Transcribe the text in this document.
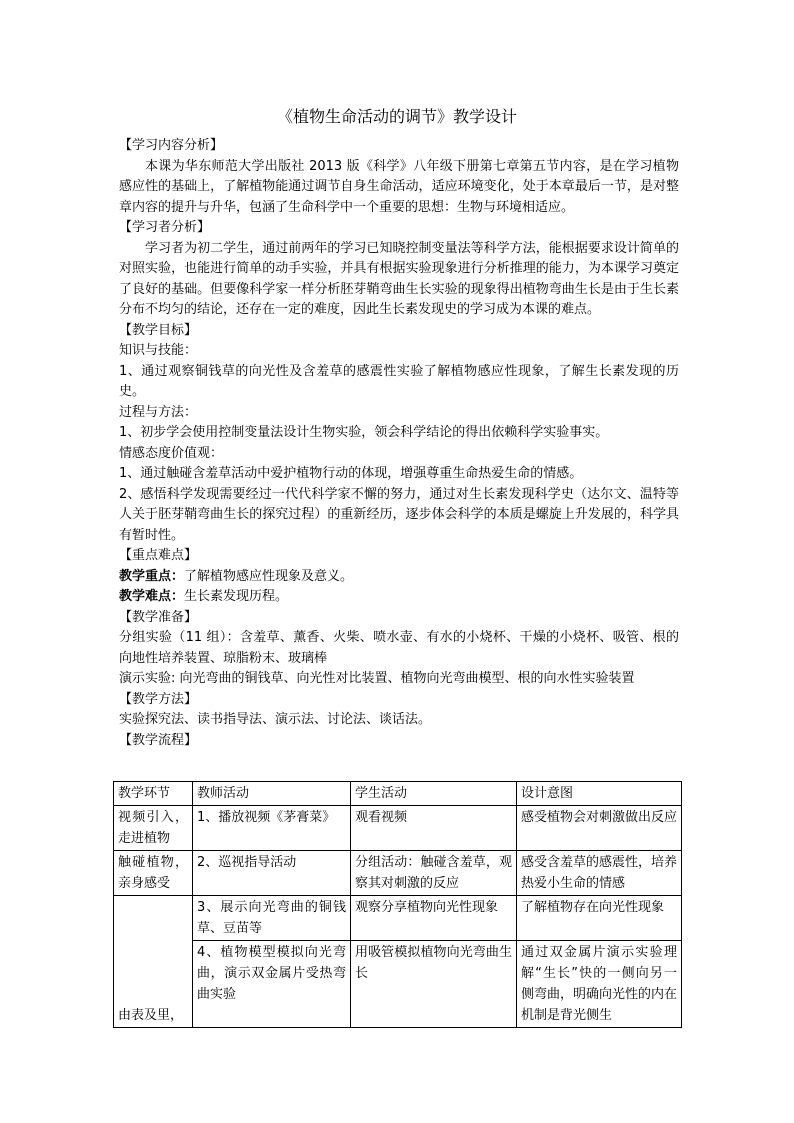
《植物生命活动的调节》教学设计

【学习内容分析】

本课为华东师范大学出版社 2013 版《科学》八年级下册第七章第五节内容，是在学习植物感应性的基础上，了解植物能通过调节自身生命活动，适应环境变化，处于本章最后一节，是对整章内容的提升与升华，包涵了生命科学中一个重要的思想：生物与环境相适应。

【学习者分析】

学习者为初二学生，通过前两年的学习已知晓控制变量法等科学方法，能根据要求设计简单的对照实验，也能进行简单的动手实验，并具有根据实验现象进行分析推理的能力，为本课学习奠定了良好的基础。但要像科学家一样分析胚芽鞘弯曲生长实验的现象得出植物弯曲生长是由于生长素分布不均匀的结论，还存在一定的难度，因此生长素发现史的学习成为本课的难点。

【教学目标】

知识与技能：

1、通过观察铜钱草的向光性及含羞草的感震性实验了解植物感应性现象，了解生长素发现的历史。

过程与方法：

1、初步学会使用控制变量法设计生物实验，领会科学结论的得出依赖科学实验事实。

情感态度价值观：

1、通过触碰含羞草活动中爱护植物行动的体现，增强尊重生命热爱生命的情感。

2、感悟科学发现需要经过一代代科学家不懈的努力，通过对生长素发现科学史（达尔文、温特等人关于胚芽鞘弯曲生长的探究过程）的重新经历，逐步体会科学的本质是螺旋上升发展的，科学具有暂时性。

【重点难点】

教学重点：了解植物感应性现象及意义。

教学难点：生长素发现历程。

【教学准备】

分组实验（11 组）：含羞草、薰香、火柴、喷水壶、有水的小烧杯、干燥的小烧杯、吸管、根的向地性培养装置、琼脂粉末、玻璃棒

演示实验: 向光弯曲的铜钱草、向光性对比装置、植物向光弯曲模型、根的向水性实验装置

【教学方法】

实验探究法、读书指导法、演示法、讨论法、谈话法。

【教学流程】

教学环节	教师活动	学生活动	设计意图
视频引入，走进植物	1、播放视频《茅膏菜》	观看视频	感受植物会对刺激做出反应
触碰植物，亲身感受	2、巡视指导活动	分组活动：触碰含羞草，观察其对刺激的反应	感受含羞草的感震性，培养热爱小生命的情感
由表及里，	3、展示向光弯曲的铜钱草、豆苗等	观察分享植物向光性现象	了解植物存在向光性现象
	4、植物模型模拟向光弯曲，演示双金属片受热弯曲实验	用吸管模拟植物向光弯曲生长	通过双金属片演示实验理解“生长”快的一侧向另一侧弯曲，明确向光性的内在机制是背光侧生
